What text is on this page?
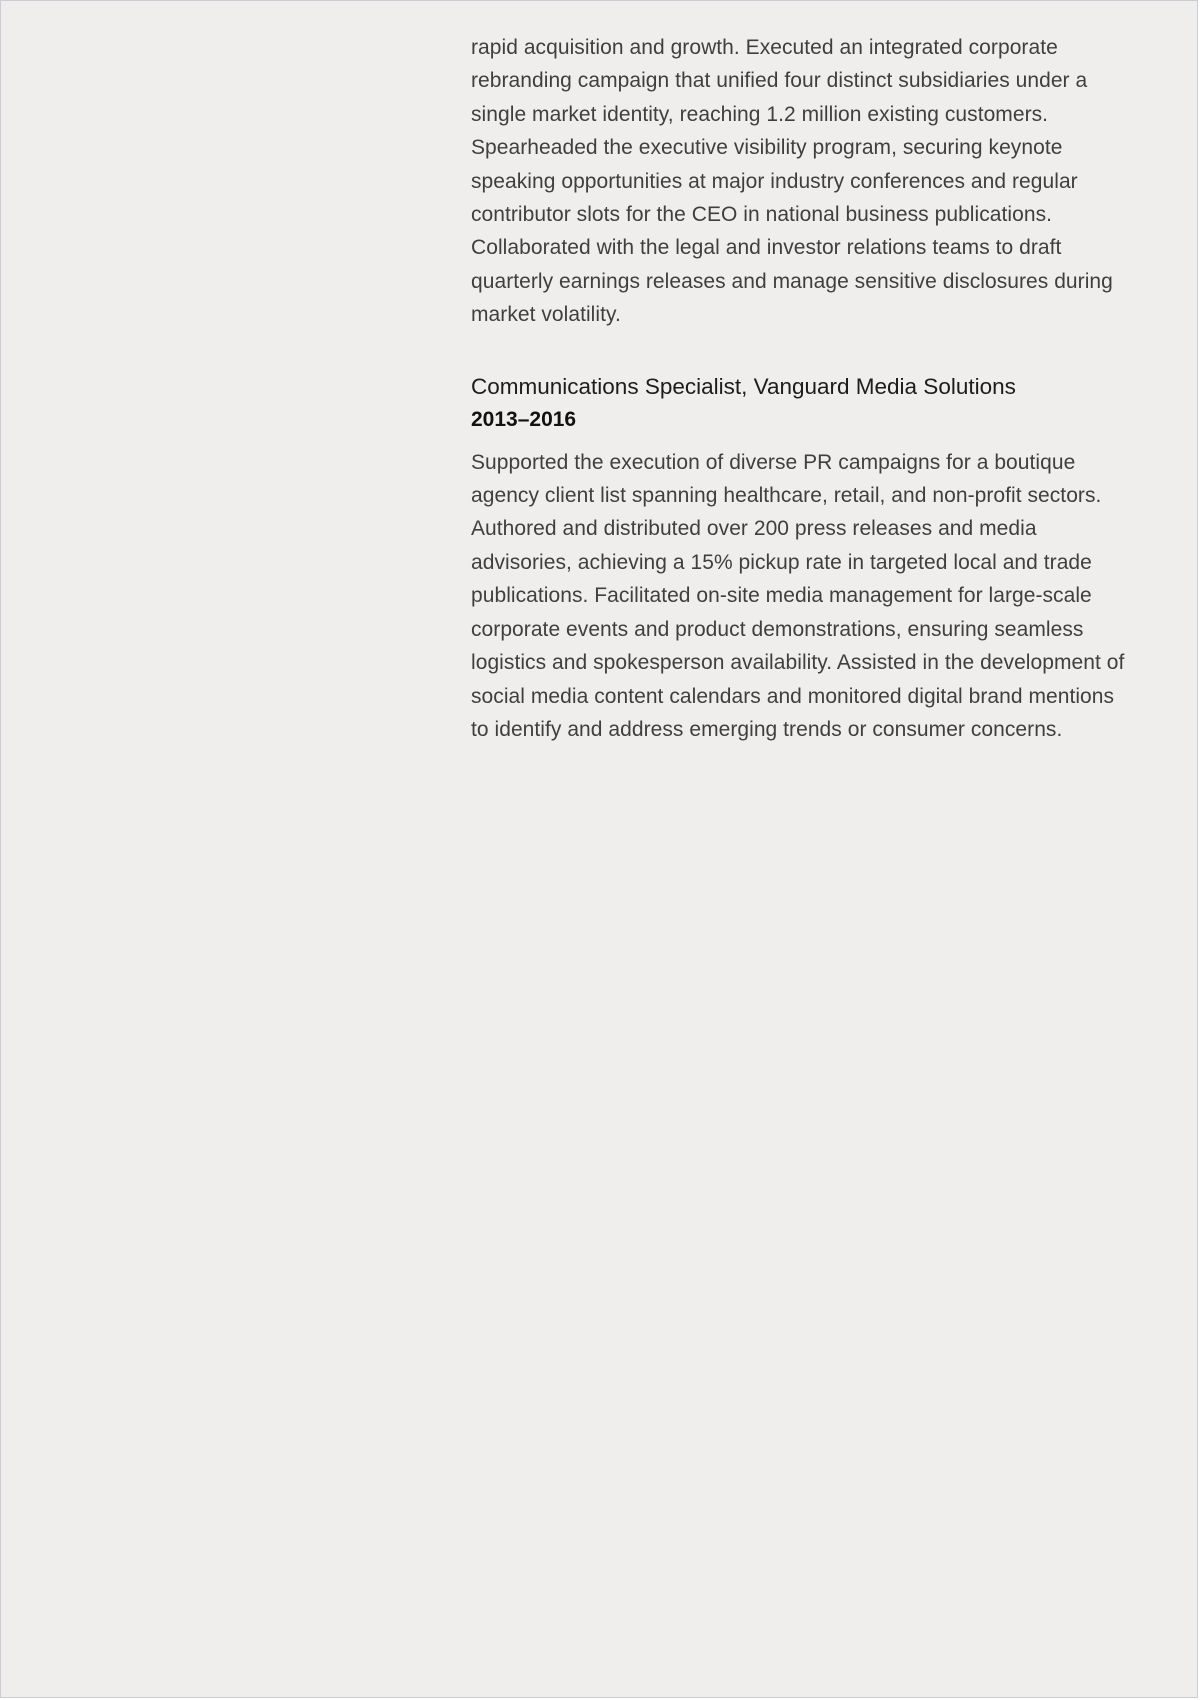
rapid acquisition and growth. Executed an integrated corporate rebranding campaign that unified four distinct subsidiaries under a single market identity, reaching 1.2 million existing customers. Spearheaded the executive visibility program, securing keynote speaking opportunities at major industry conferences and regular contributor slots for the CEO in national business publications. Collaborated with the legal and investor relations teams to draft quarterly earnings releases and manage sensitive disclosures during market volatility.

Communications Specialist, Vanguard Media Solutions

2013–2016

Supported the execution of diverse PR campaigns for a boutique agency client list spanning healthcare, retail, and non-profit sectors. Authored and distributed over 200 press releases and media advisories, achieving a 15% pickup rate in targeted local and trade publications. Facilitated on-site media management for large-scale corporate events and product demonstrations, ensuring seamless logistics and spokesperson availability. Assisted in the development of social media content calendars and monitored digital brand mentions to identify and address emerging trends or consumer concerns.
